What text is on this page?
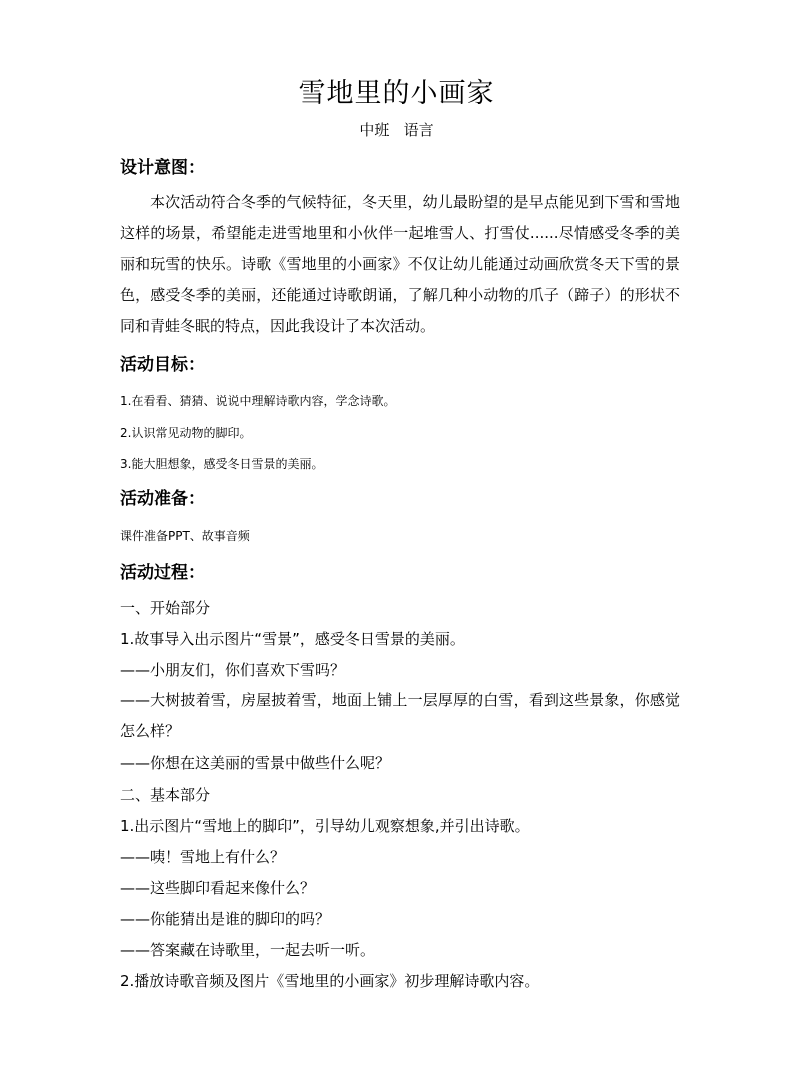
雪地里的小画家
中班   语言
设计意图：
本次活动符合冬季的气候特征，冬天里，幼儿最盼望的是早点能见到下雪和雪地这样的场景，希望能走进雪地里和小伙伴一起堆雪人、打雪仗......尽情感受冬季的美丽和玩雪的快乐。诗歌《雪地里的小画家》不仅让幼儿能通过动画欣赏冬天下雪的景色，感受冬季的美丽，还能通过诗歌朗诵，了解几种小动物的爪子（蹄子）的形状不同和青蛙冬眠的特点，因此我设计了本次活动。
活动目标：
1.在看看、猜猜、说说中理解诗歌内容，学念诗歌。
2.认识常见动物的脚印。
3.能大胆想象，感受冬日雪景的美丽。
活动准备：
课件准备PPT、故事音频
活动过程：
一、开始部分
1.故事导入出示图片“雪景”，感受冬日雪景的美丽。
——小朋友们，你们喜欢下雪吗？
——大树披着雪，房屋披着雪，地面上铺上一层厚厚的白雪，看到这些景象，你感觉怎么样？
——你想在这美丽的雪景中做些什么呢？
二、基本部分
1.出示图片“雪地上的脚印”，引导幼儿观察想象,并引出诗歌。
——咦！雪地上有什么？
——这些脚印看起来像什么？
——你能猜出是谁的脚印的吗？
——答案藏在诗歌里，一起去听一听。
2.播放诗歌音频及图片《雪地里的小画家》初步理解诗歌内容。
